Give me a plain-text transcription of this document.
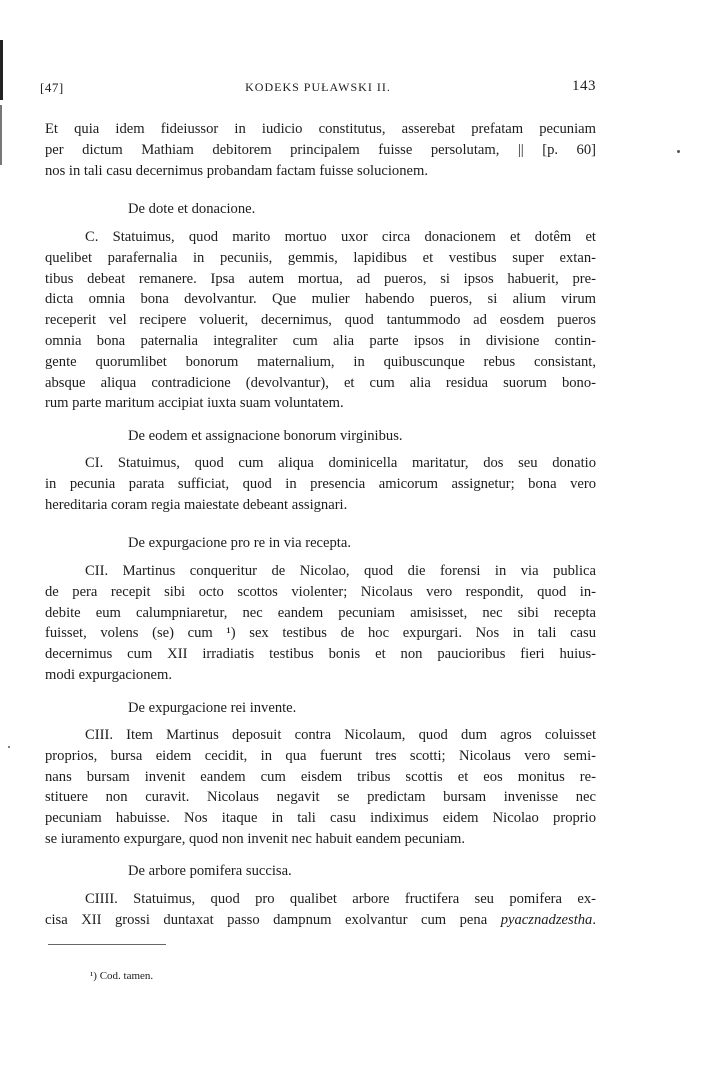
[47]	KODEKS PUŁAWSKI II.	143
Et quia idem fideiussor in iudicio constitutus, asserebat prefatam pecuniam
per dictum Mathiam debitorem principalem fuisse persolutam, || [p. 60]
nos in tali casu decernimus probandam factam fuisse solucionem.
De dote et donacione.
C. Statuimus, quod marito mortuo uxor circa donacionem et dotêm et
quelibet parafernalia in pecuniis, gemmis, lapidibus et vestibus super extan-
tibus debeat remanere. Ipsa autem mortua, ad pueros, si ipsos habuerit, pre-
dicta omnia bona devolvantur. Que mulier habendo pueros, si alium virum
receperit vel recipere voluerit, decernimus, quod tantummodo ad eosdem pueros
omnia bona paternalia integraliter cum alia parte ipsos in divisione contin-
gente quorumlibet bonorum maternalium, in quibuscunque rebus consistant,
absque aliqua contradicione (devolvantur), et cum alia residua suorum bono-
rum parte maritum accipiat iuxta suam voluntatem.
De eodem et assignacione bonorum virginibus.
CI. Statuimus, quod cum aliqua dominicella maritatur, dos seu donatio
in pecunia parata sufficiat, quod in presencia amicorum assignetur; bona vero
hereditaria coram regia maiestate debeant assignari.
De expurgacione pro re in via recepta.
CII. Martinus conqueritur de Nicolao, quod die forensi in via publica
de pera recepit sibi octo scottos violenter; Nicolaus vero respondit, quod in-
debite eum calumpniaretur, nec eandem pecuniam amisisset, nec sibi recepta
fuisset, volens (se) cum ¹) sex testibus de hoc expurgari. Nos in tali casu
decernimus cum XII irradiatis testibus bonis et non paucioribus fieri huius-
modi expurgacionem.
De expurgacione rei invente.
CIII. Item Martinus deposuit contra Nicolaum, quod dum agros coluisset
proprios, bursa eidem cecidit, in qua fuerunt tres scotti; Nicolaus vero semi-
nans bursam invenit eandem cum eisdem tribus scottis et eos monitus re-
stituere non curavit. Nicolaus negavit se predictam bursam invenisse nec
pecuniam habuisse. Nos itaque in tali casu indiximus eidem Nicolao proprio
se iuramento expurgare, quod non invenit nec habuit eandem pecuniam.
De arbore pomifera succisa.
CIIII. Statuimus, quod pro qualibet arbore fructifera seu pomifera ex-
cisa XII grossi duntaxat passo dampnum exolvantur cum pena pyacznadzestha.
¹) Cod. tamen.
